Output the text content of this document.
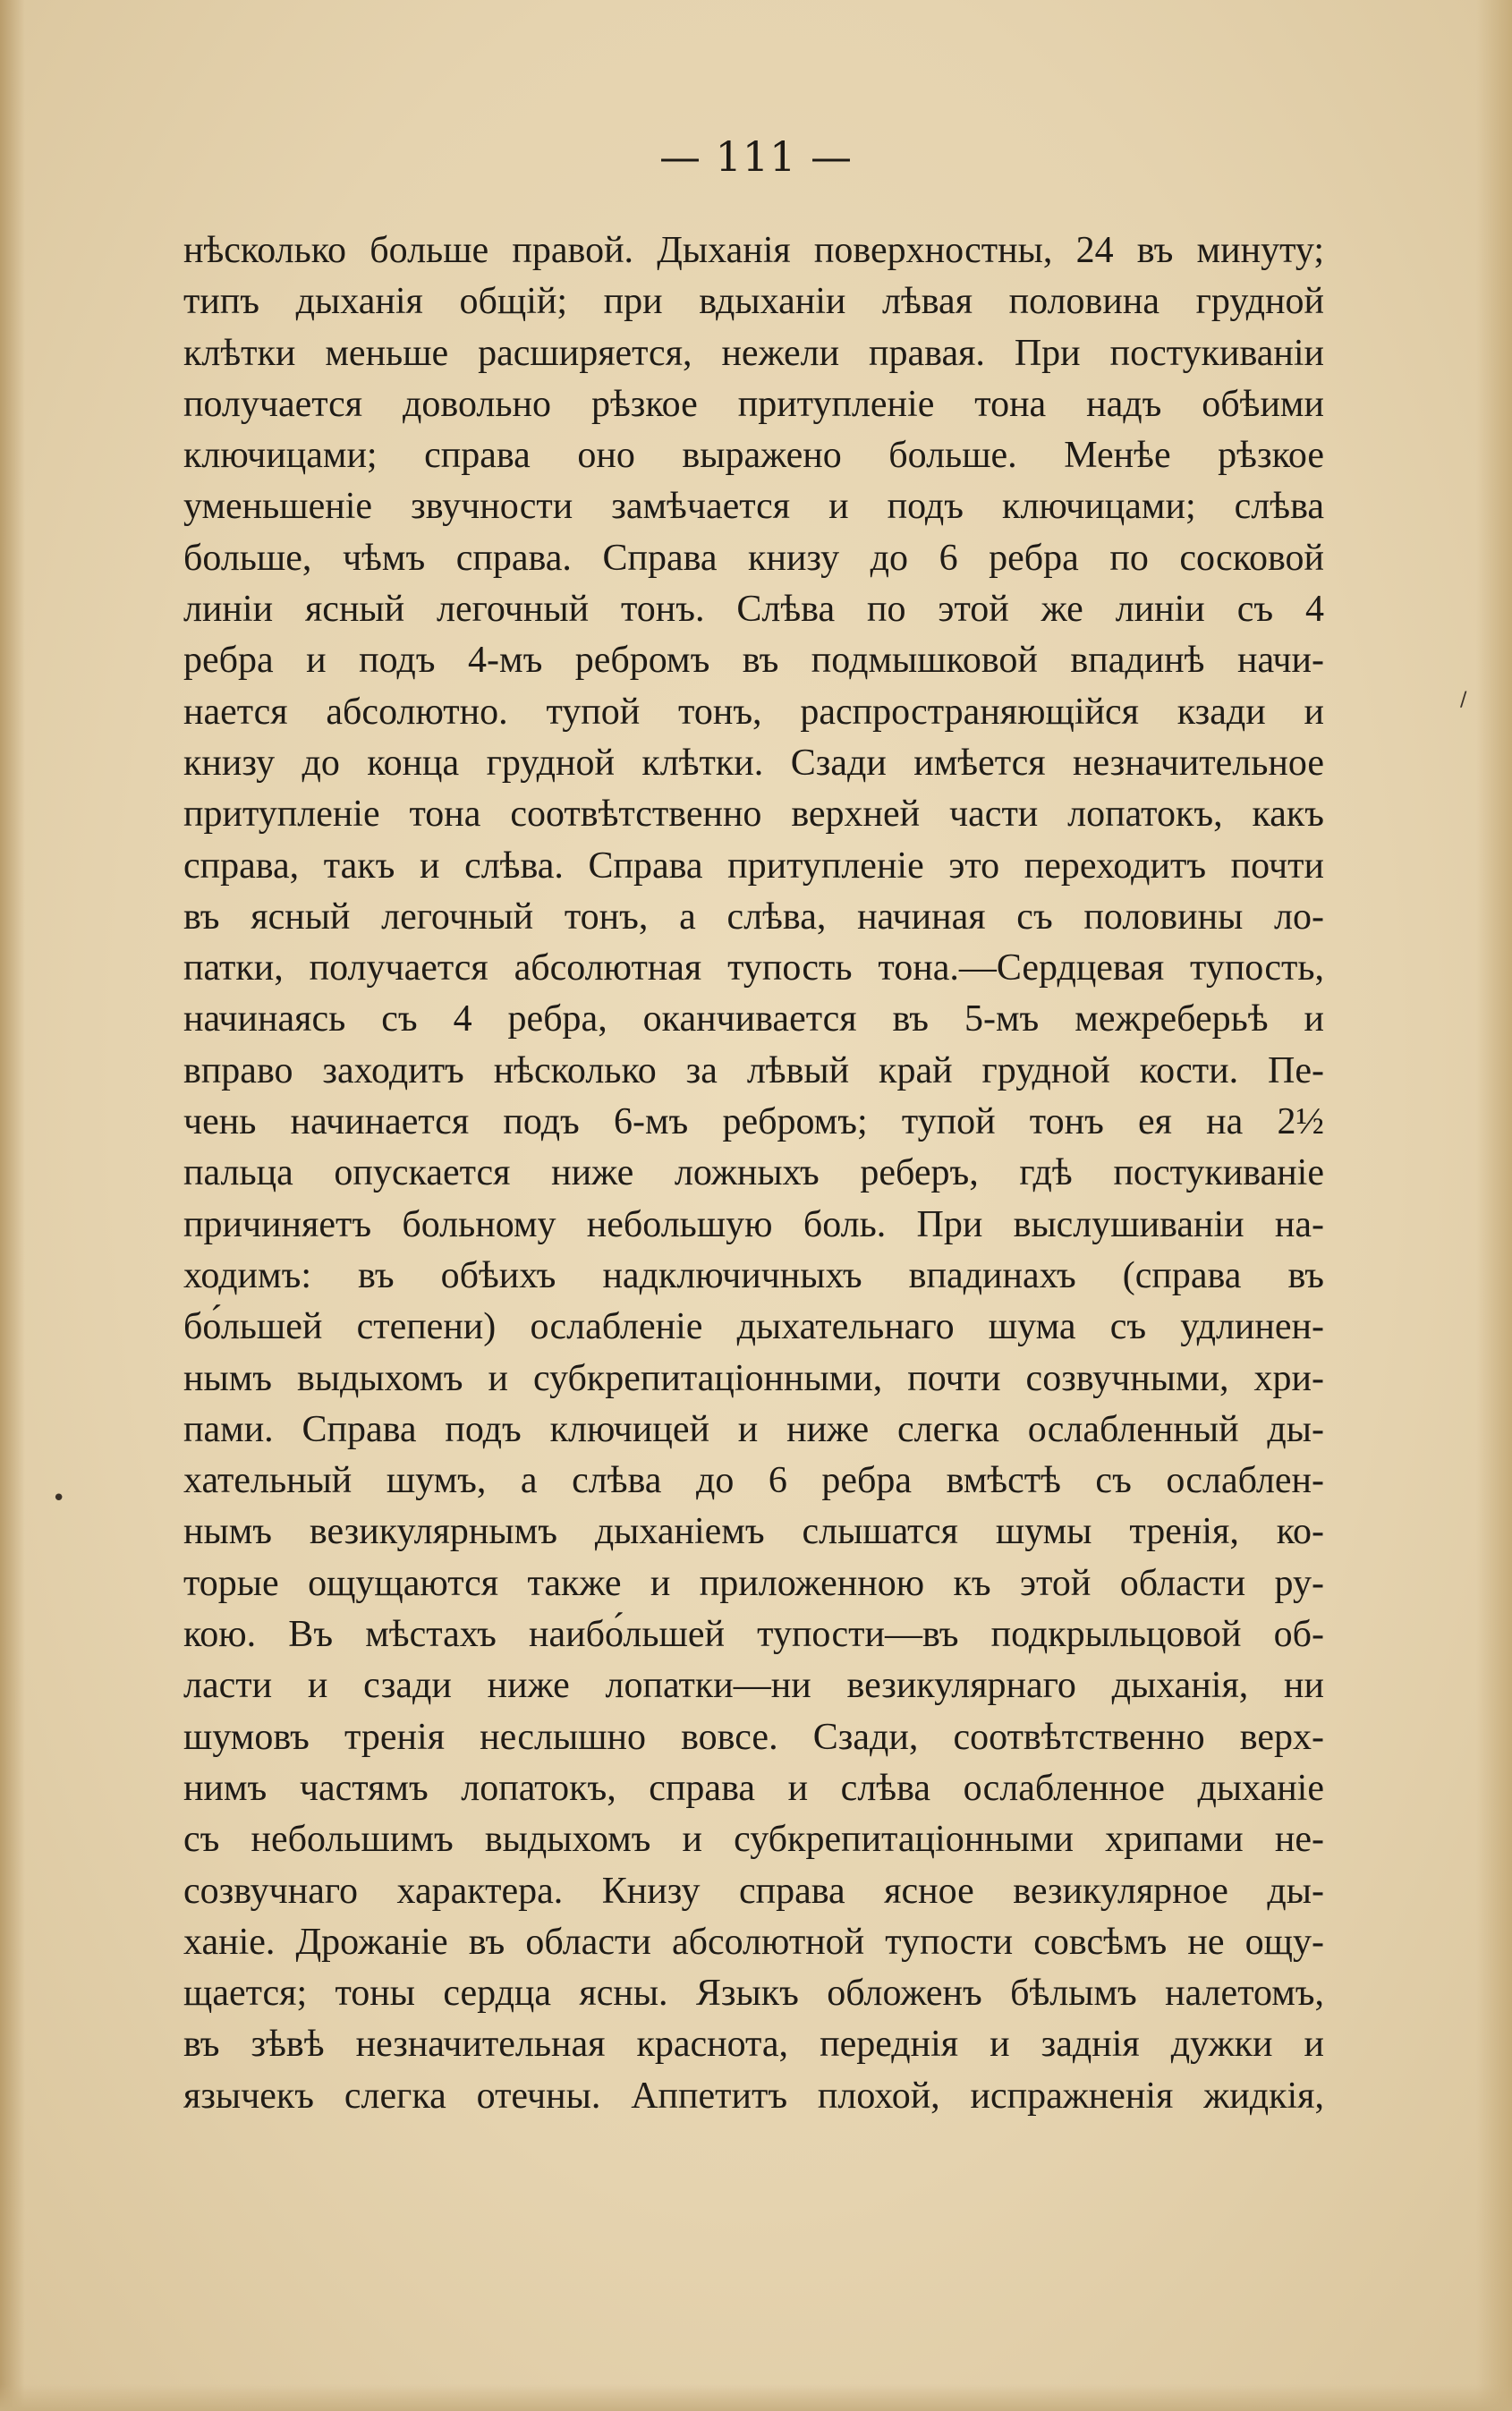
— 111 —
нѣсколько больше правой. Дыханія поверхностны, 24 въ минуту;
типъ дыханія общій; при вдыханіи лѣвая половина грудной
клѣтки меньше расширяется, нежели правая. При постукиваніи
получается довольно рѣзкое притупленіе тона надъ обѣими
ключицами; справа оно выражено больше. Менѣе рѣзкое
уменьшеніе звучности замѣчается и подъ ключицами; слѣва
больше, чѣмъ справа. Справа книзу до 6 ребра по сосковой
линіи ясный легочный тонъ. Слѣва по этой же линіи съ 4
ребра и подъ 4-мъ ребромъ въ подмышковой впадинѣ начи-
нается абсолютно. тупой тонъ, распространяющійся кзади и
книзу до конца грудной клѣтки. Сзади имѣется незначительное
притупленіе тона соотвѣтственно верхней части лопатокъ, какъ
справа, такъ и слѣва. Справа притупленіе это переходитъ почти
въ ясный легочный тонъ, а слѣва, начиная съ половины ло-
патки, получается абсолютная тупость тона.—Сердцевая тупость,
начинаясь съ 4 ребра, оканчивается въ 5-мъ межреберьѣ и
вправо заходитъ нѣсколько за лѣвый край грудной кости. Пе-
чень начинается подъ 6-мъ ребромъ; тупой тонъ ея на 2½
пальца опускается ниже ложныхъ реберъ, гдѣ постукиваніе
причиняетъ больному небольшую боль. При выслушиваніи на-
ходимъ: въ обѣихъ надключичныхъ впадинахъ (справа въ
бо́льшей степени) ослабленіе дыхательнаго шума съ удлинен-
нымъ выдыхомъ и субкрепитаціонными, почти созвучными, хри-
пами. Справа подъ ключицей и ниже слегка ослабленный ды-
хательный шумъ, а слѣва до 6 ребра вмѣстѣ съ ослаблен-
нымъ везикулярнымъ дыханіемъ слышатся шумы тренія, ко-
торые ощущаются также и приложенною къ этой области ру-
кою. Въ мѣстахъ наибо́льшей тупости—въ подкрыльцовой об-
ласти и сзади ниже лопатки—ни везикулярнаго дыханія, ни
шумовъ тренія неслышно вовсе. Сзади, соотвѣтственно верх-
нимъ частямъ лопатокъ, справа и слѣва ослабленное дыханіе
съ небольшимъ выдыхомъ и субкрепитаціонными хрипами не-
созвучнаго характера. Книзу справа ясное везикулярное ды-
ханіе. Дрожаніе въ области абсолютной тупости совсѣмъ не ощу-
щается; тоны сердца ясны. Языкъ обложенъ бѣлымъ налетомъ,
въ зѣвѣ незначительная краснота, переднія и заднія дужки и
язычекъ слегка отечны. Аппетитъ плохой, испражненія жидкія,
/
•
